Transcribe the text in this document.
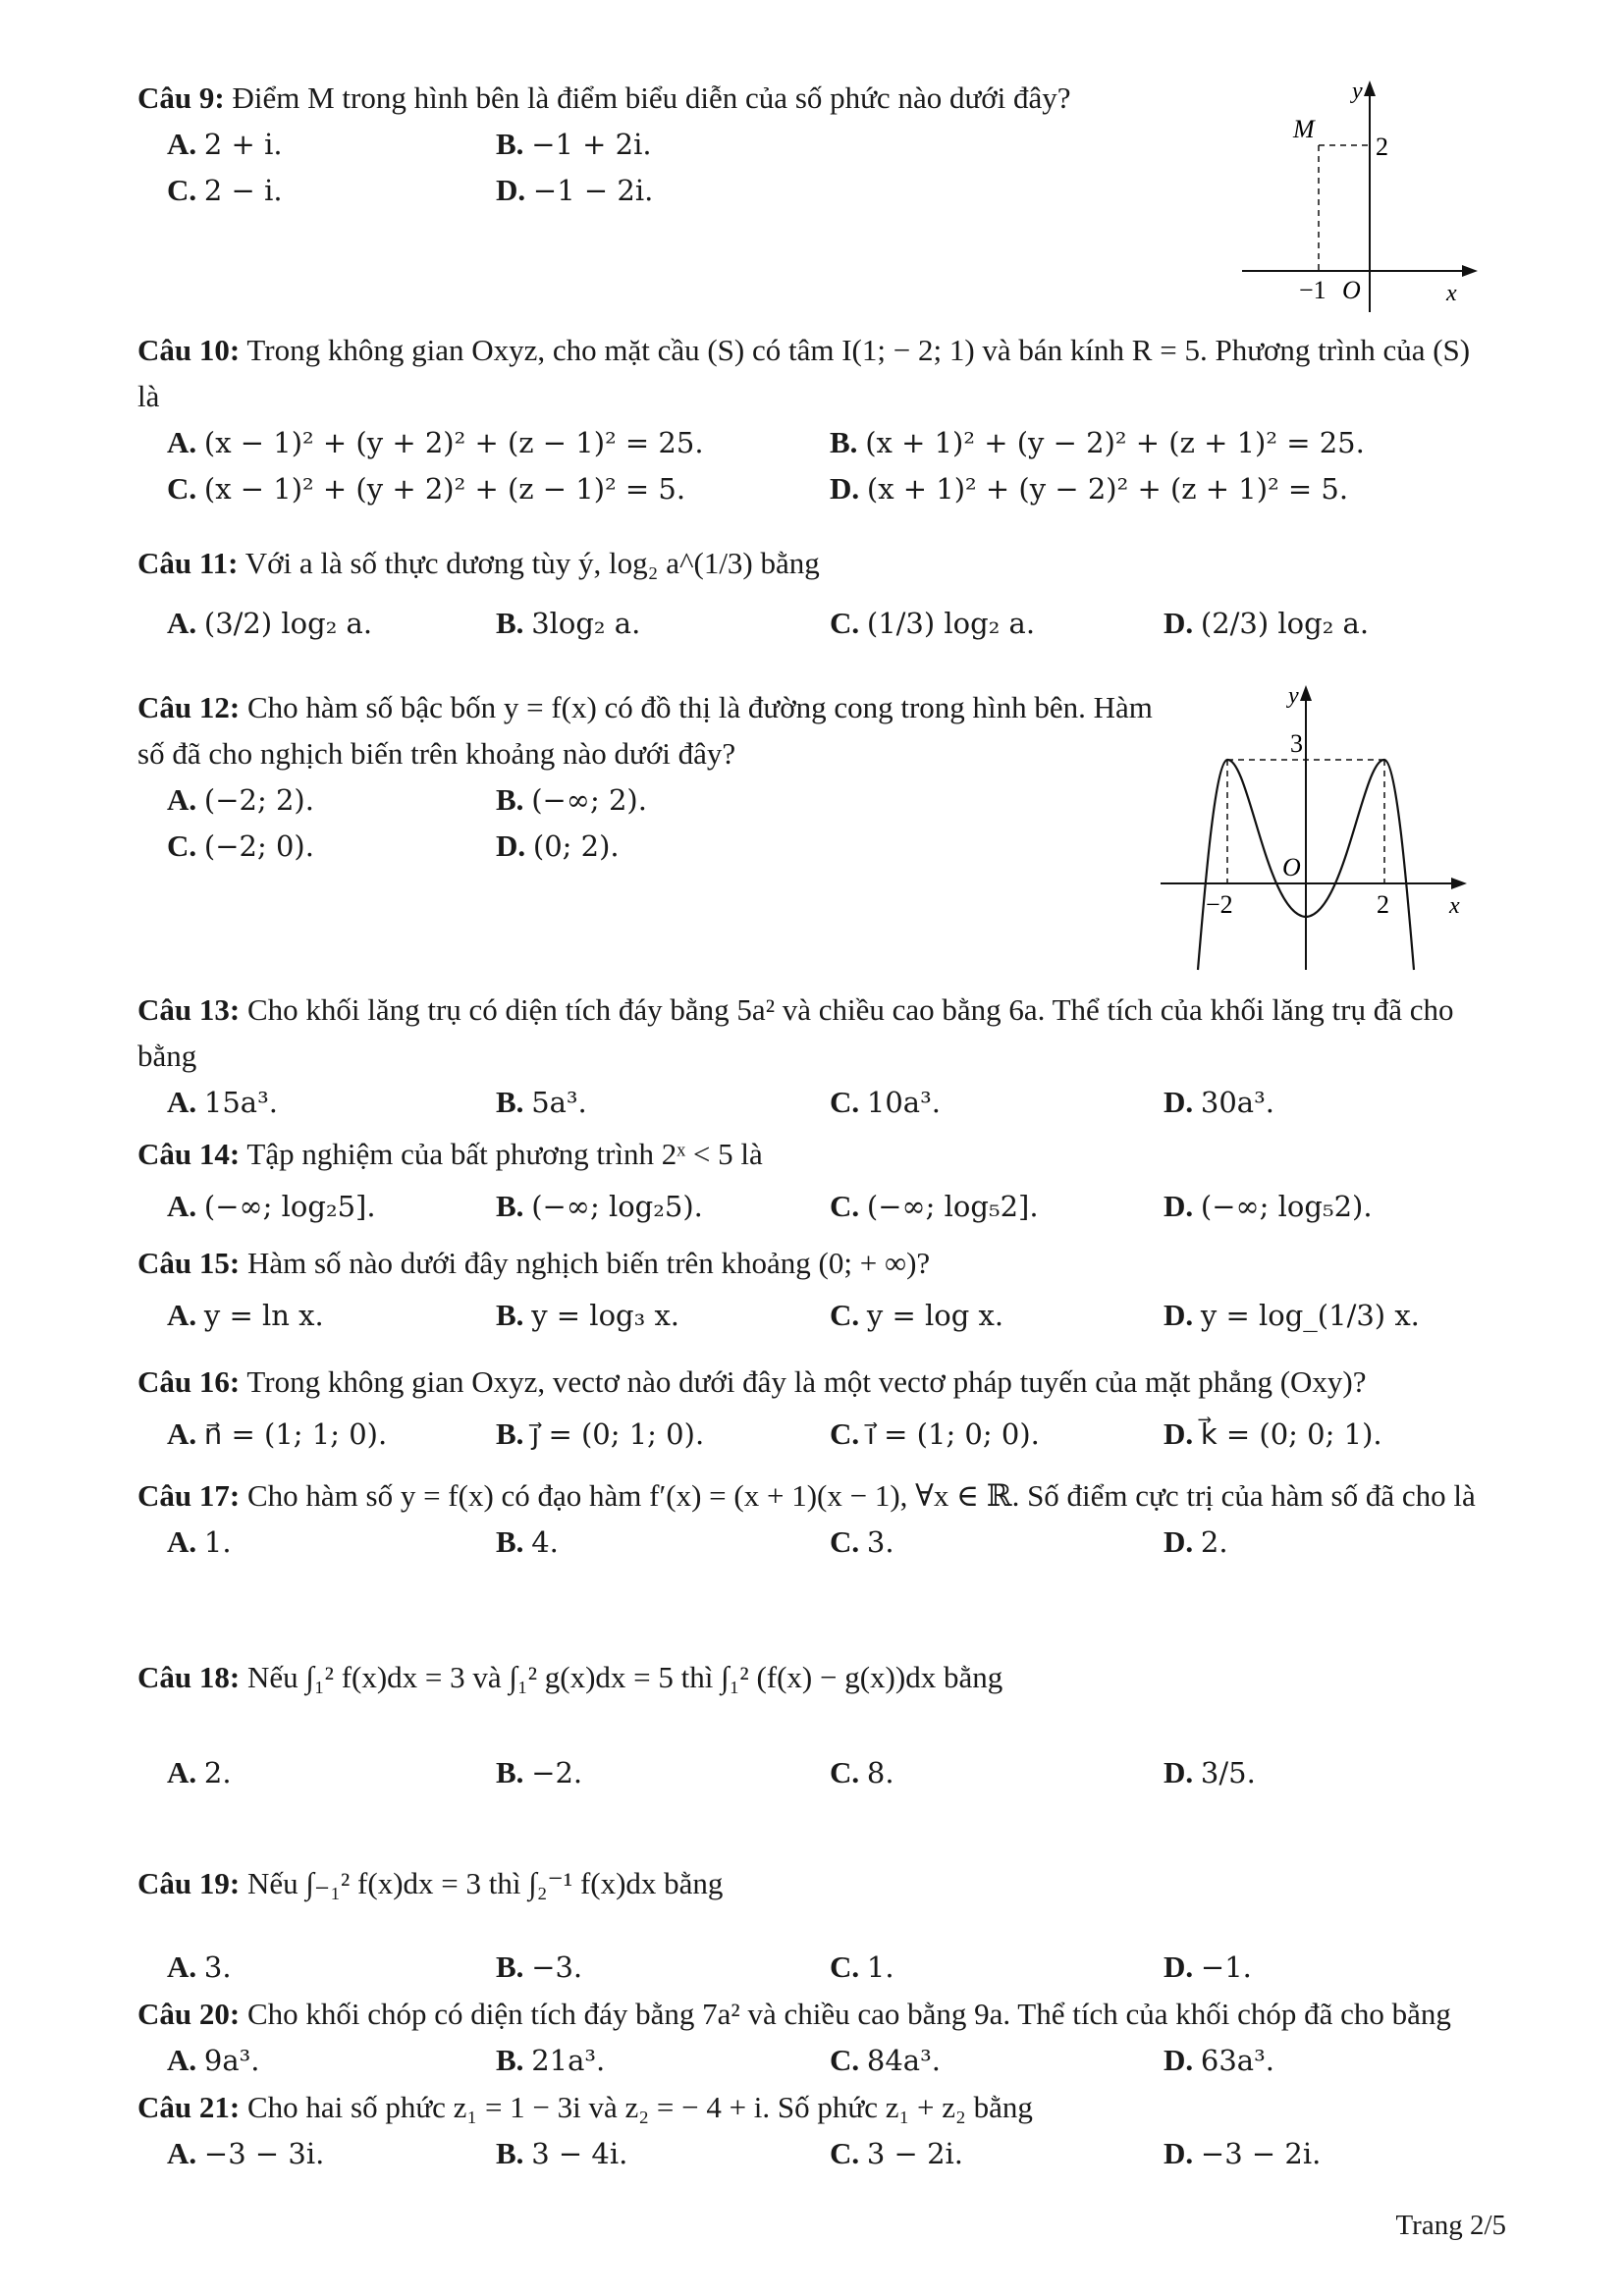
Câu 9: Điểm M trong hình bên là điểm biểu diễn của số phức nào dưới đây?

A. 2 + i.	B. −1 + 2i.
C. 2 − i.	D. −1 − 2i.
y
x
M
2
−1 O

Câu 10: Trong không gian Oxyz, cho mặt cầu (S) có tâm I(1; − 2; 1) và bán kính R = 5. Phương trình của (S) là

A. (x − 1)² + (y + 2)² + (z − 1)² = 25.	B. (x + 1)² + (y − 2)² + (z + 1)² = 25.
C. (x − 1)² + (y + 2)² + (z − 1)² = 5.	D. (x + 1)² + (y − 2)² + (z + 1)² = 5.

Câu 11: Với a là số thực dương tùy ý, log₂ a^(1/3) bằng

A. (3/2) log₂ a.	B. 3log₂ a.	C. (1/3) log₂ a.	D. (2/3) log₂ a.

Câu 12: Cho hàm số bậc bốn y = f(x) có đồ thị là đường cong trong hình bên. Hàm số đã cho nghịch biến trên khoảng nào dưới đây?

A. (−2; 2).	B. (−∞; 2).
C. (−2; 0).	D. (0; 2).
y
x
3
O
−2	2

Câu 13: Cho khối lăng trụ có diện tích đáy bằng 5a² và chiều cao bằng 6a. Thể tích của khối lăng trụ đã cho bằng

A. 15a³.	B. 5a³.	C. 10a³.	D. 30a³.

Câu 14: Tập nghiệm của bất phương trình 2ˣ < 5 là

A. (−∞; log₂5].	B. (−∞; log₂5).	C. (−∞; log₅2].	D. (−∞; log₅2).

Câu 15: Hàm số nào dưới đây nghịch biến trên khoảng (0; + ∞)?

A. y = ln x.	B. y = log₃ x.	C. y = log x.	D. y = log_(1/3) x.

Câu 16: Trong không gian Oxyz, vectơ nào dưới đây là một vectơ pháp tuyến của mặt phẳng (Oxy)?

A. n⃗ = (1; 1; 0).	B. j⃗ = (0; 1; 0).	C. i⃗ = (1; 0; 0).	D. k⃗ = (0; 0; 1).

Câu 17: Cho hàm số y = f(x) có đạo hàm f′(x) = (x + 1)(x − 1), ∀x ∈ ℝ. Số điểm cực trị của hàm số đã cho là

A. 1.	B. 4.	C. 3.	D. 2.

Câu 18: Nếu ∫₁² f(x)dx = 3 và ∫₁² g(x)dx = 5 thì ∫₁² (f(x) − g(x))dx bằng

A. 2.	B. −2.	C. 8.	D. 3/5.

Câu 19: Nếu ∫₋₁² f(x)dx = 3 thì ∫₂⁻¹ f(x)dx bằng

A. 3.	B. −3.	C. 1.	D. −1.

Câu 20: Cho khối chóp có diện tích đáy bằng 7a² và chiều cao bằng 9a. Thể tích của khối chóp đã cho bằng

A. 9a³.	B. 21a³.	C. 84a³.	D. 63a³.

Câu 21: Cho hai số phức z₁ = 1 − 3i và z₂ = − 4 + i. Số phức z₁ + z₂ bằng

A. −3 − 3i.	B. 3 − 4i.	C. 3 − 2i.	D. −3 − 2i.
Trang 2/5
